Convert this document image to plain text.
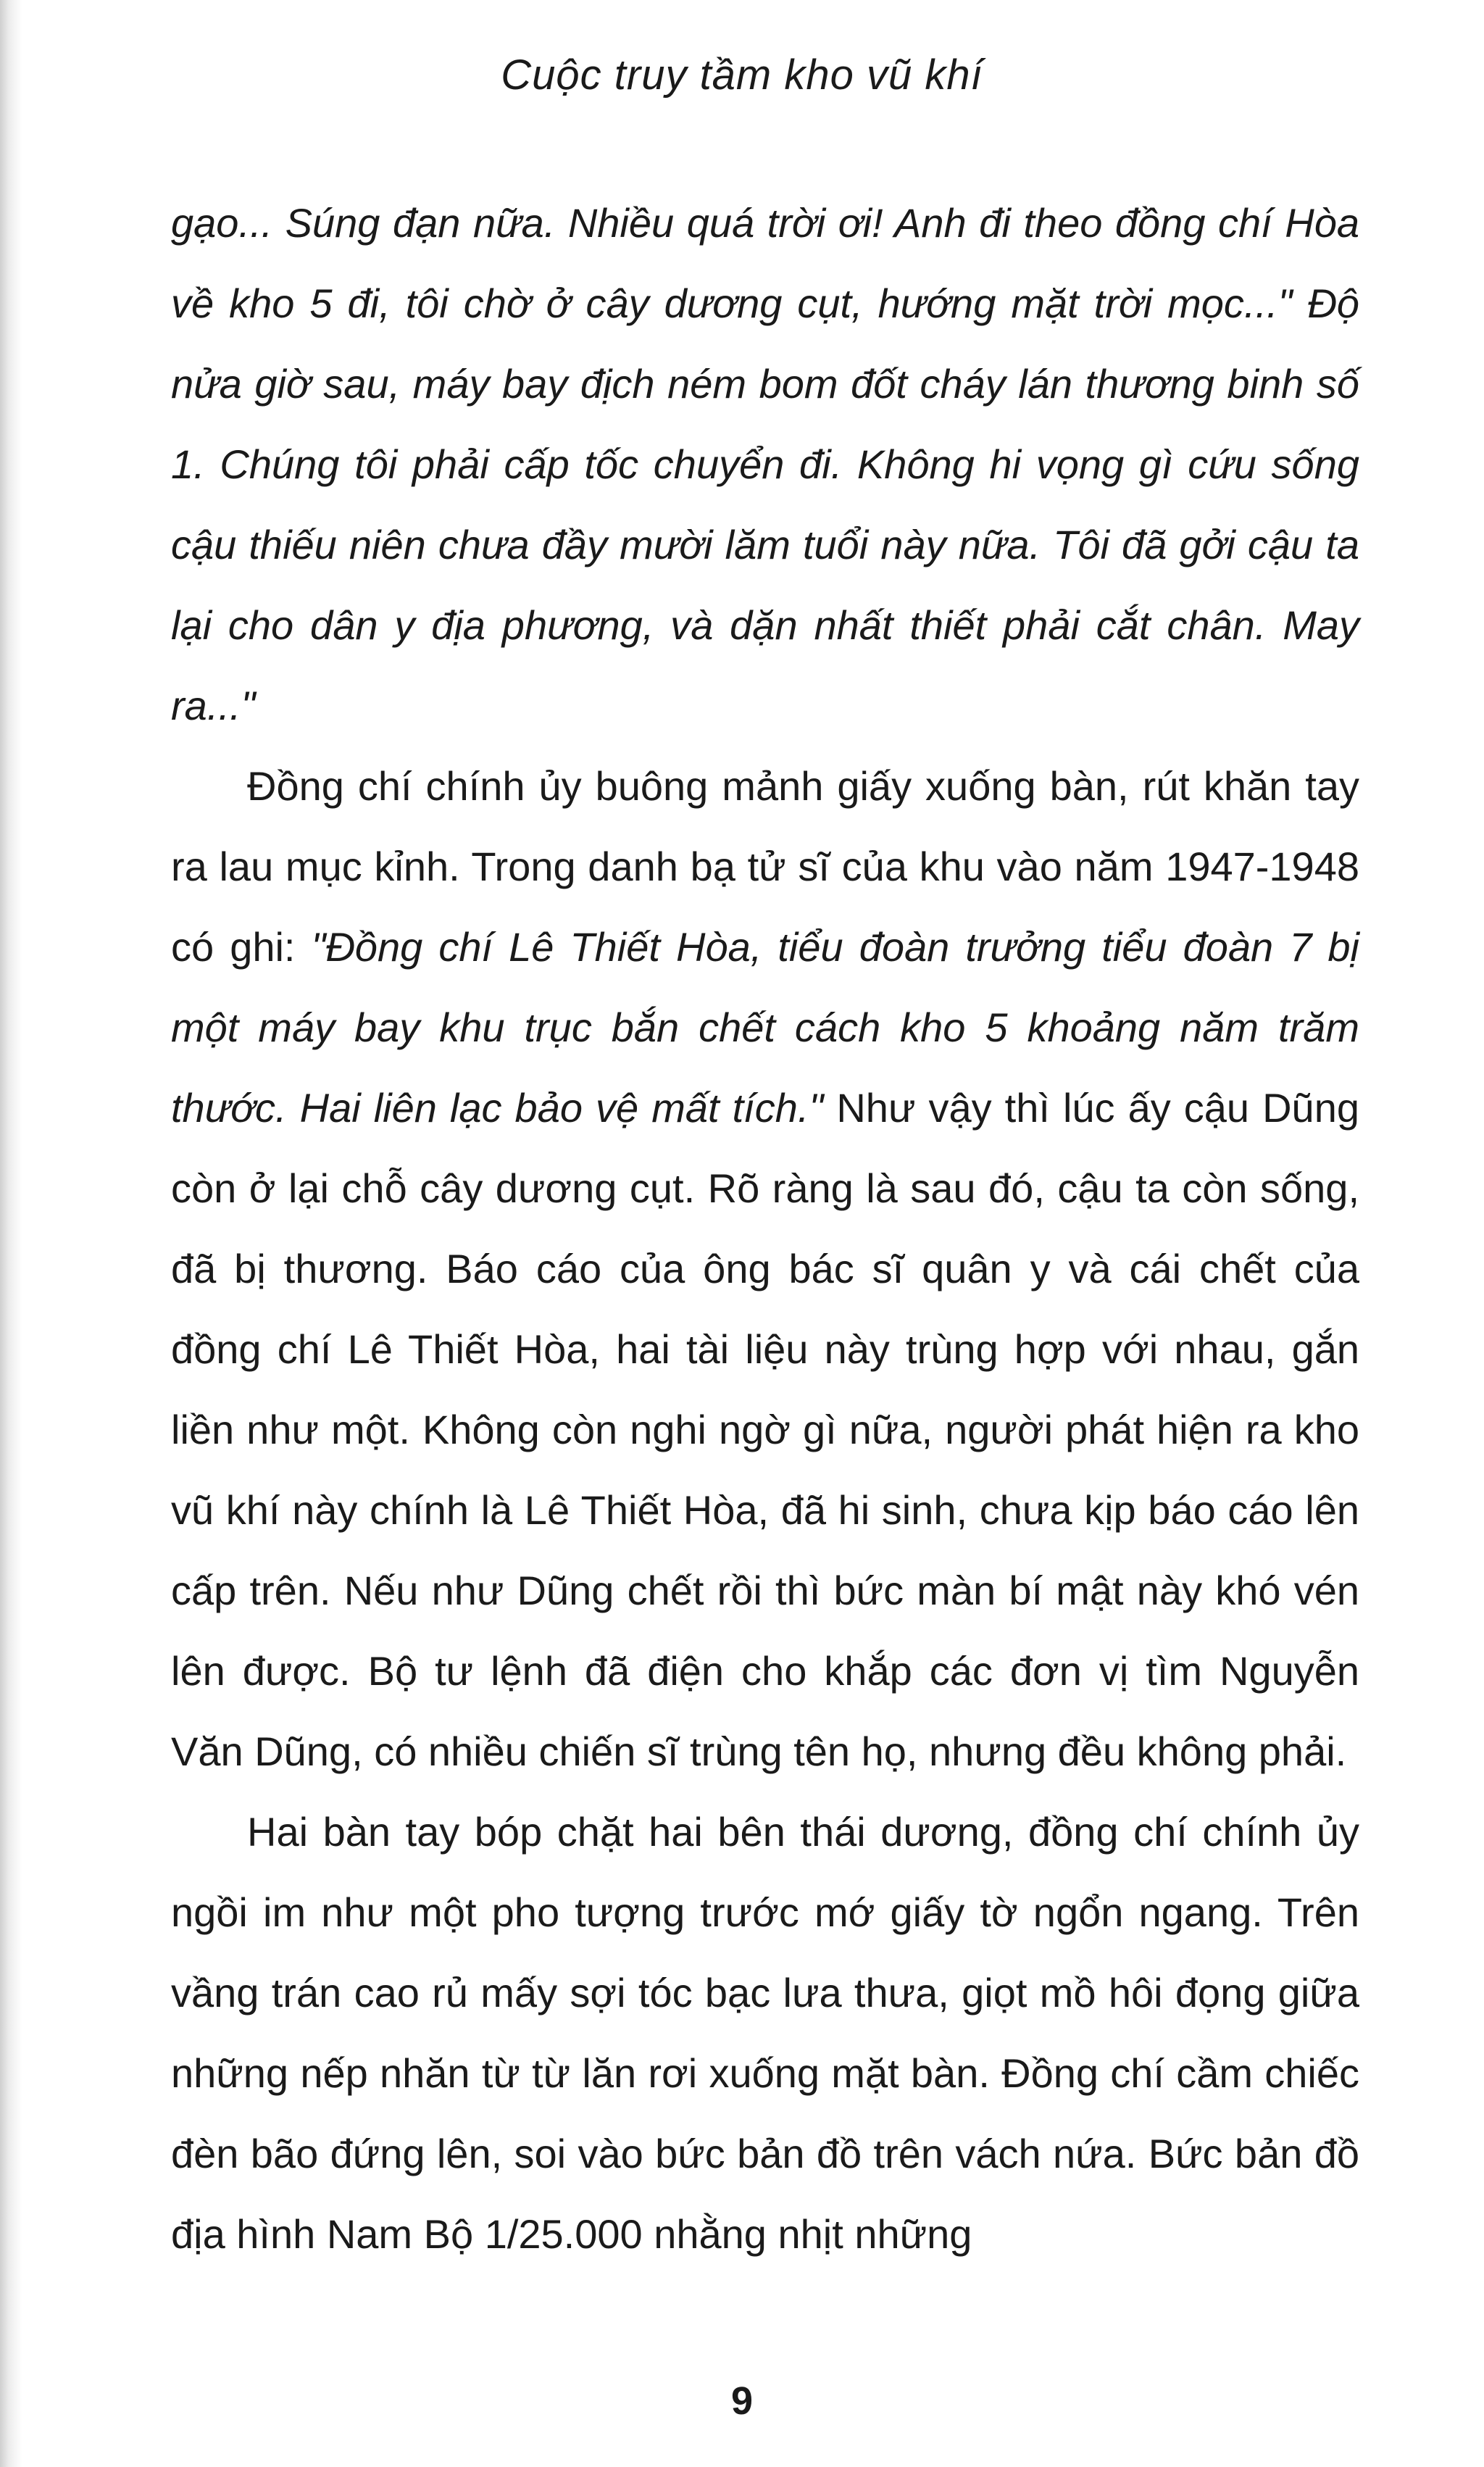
Cuộc truy tầm kho vũ khí

gạo... Súng đạn nữa. Nhiều quá trời ơi! Anh đi theo đồng chí Hòa về kho 5 đi, tôi chờ ở cây dương cụt, hướng mặt trời mọc..." Độ nửa giờ sau, máy bay địch ném bom đốt cháy lán thương binh số 1. Chúng tôi phải cấp tốc chuyển đi. Không hi vọng gì cứu sống cậu thiếu niên chưa đầy mười lăm tuổi này nữa. Tôi đã gởi cậu ta lại cho dân y địa phương, và dặn nhất thiết phải cắt chân. May ra..."

Đồng chí chính ủy buông mảnh giấy xuống bàn, rút khăn tay ra lau mục kỉnh. Trong danh bạ tử sĩ của khu vào năm 1947-1948 có ghi: "Đồng chí Lê Thiết Hòa, tiểu đoàn trưởng tiểu đoàn 7 bị một máy bay khu trục bắn chết cách kho 5 khoảng năm trăm thước. Hai liên lạc bảo vệ mất tích." Như vậy thì lúc ấy cậu Dũng còn ở lại chỗ cây dương cụt. Rõ ràng là sau đó, cậu ta còn sống, đã bị thương. Báo cáo của ông bác sĩ quân y và cái chết của đồng chí Lê Thiết Hòa, hai tài liệu này trùng hợp với nhau, gắn liền như một. Không còn nghi ngờ gì nữa, người phát hiện ra kho vũ khí này chính là Lê Thiết Hòa, đã hi sinh, chưa kịp báo cáo lên cấp trên. Nếu như Dũng chết rồi thì bức màn bí mật này khó vén lên được. Bộ tư lệnh đã điện cho khắp các đơn vị tìm Nguyễn Văn Dũng, có nhiều chiến sĩ trùng tên họ, nhưng đều không phải.

Hai bàn tay bóp chặt hai bên thái dương, đồng chí chính ủy ngồi im như một pho tượng trước mớ giấy tờ ngổn ngang. Trên vầng trán cao rủ mấy sợi tóc bạc lưa thưa, giọt mồ hôi đọng giữa những nếp nhăn từ từ lăn rơi xuống mặt bàn. Đồng chí cầm chiếc đèn bão đứng lên, soi vào bức bản đồ trên vách nứa. Bức bản đồ địa hình Nam Bộ 1/25.000 nhằng nhịt những

9
